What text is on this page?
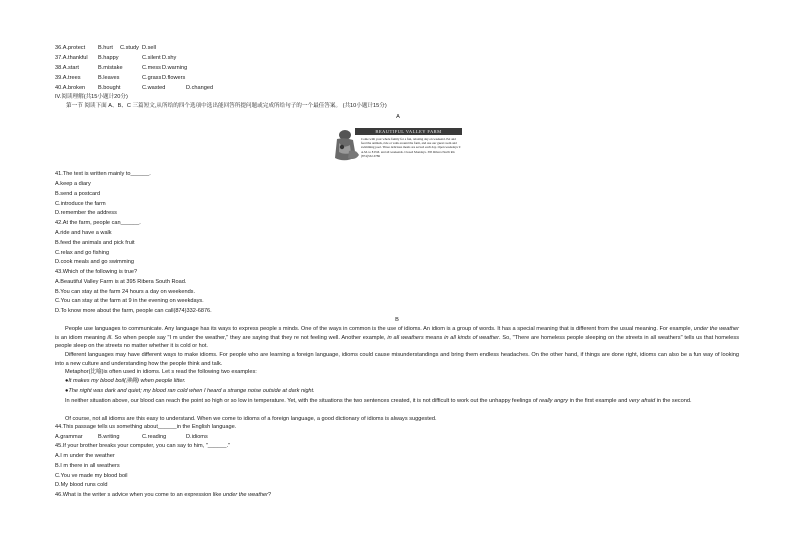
36.A.protect B.hurt C.study D.sell
37.A.thankful B.happy	C.silent D.shy
38.A.start	B.mistake	C.mess D.warning
39.A.trees	B.leaves	C.grass D.flowers
40.A.broken B.bought	C.wasted	D.changed
IV.阅读理解(共15小题计20分)
第一节 阅读下面 A、B、C 三篇短文,从所给的四个选项中选出能回答所提问题或完成所给句子的一个最佳答案。 (共10小题计15分)
A
BEAUTIFUL VALLEY FARM
Come with your whole family for a fun, relaxing day on weekend. Pet and feed the animals, ride or walk around the farm, and use our guest room and swimming pool. Three delicious meals are served each day. Open weekdays 9 A.M. to 8 P.M. and all weekends. Closed Mondays. 395 Ribera North Rd. (874)332-6786
41.The text is written mainly to______.
A.keep a diary
B.send a postcard
C.introduce the farm
D.remember the address
42.At the farm, people can______.
A.ride and have a walk
B.feed the animals and pick fruit
C.relax and go fishing
D.cook meals and go swimming
43.Which of the following is true?
A.Beautiful Valley Farm is at 395 Ribera South Road.
B.You can stay at the farm 24 hours a day on weekends.
C.You can stay at the farm at 9 in the evening on weekdays.
D.To know more about the farm, people can call(874)332-6876.
B
People use languages to communicate. Any language has its ways to express people s minds. One of the ways in common is the use of idioms. An idiom is a group of words. It has a special meaning that is different from the usual meaning. For example, under the weather is an idiom meaning ill. So when people say "I m under the weather," they are saying that they re not feeling well. Another example, in all weathers means in all kinds of weather. So, "There are homeless people sleeping on the streets in all weathers" tells us that homeless people sleep on the streets no matter whether it is cold or hot.
Different languages may have different ways to make idioms. For people who are learning a foreign language, idioms could cause misunderstandings and bring them endless headaches. On the other hand, if things are done right, idioms can also be a fun way of looking into a new culture and understanding how the people think and talk.
Metaphor(比喻)is often used in idioms. Let s read the following two examples:
●It makes my blood boil(沸腾) when people litter.
●The night was dark and quiet; my blood ran cold when I heard a strange noise outside at dark night.
In neither situation above, our blood can reach the point so high or so low in temperature. Yet, with the situations the two sentences created, it is not difficult to work out the unhappy feelings of really angry in the first example and very afraid in the second.
Of course, not all idioms are this easy to understand. When we come to idioms of a foreign language, a good dictionary of idioms is always suggested.
44.This passage tells us something about______in the English language.
A.grammar	B.writing	C.reading	D.idioms
45.If your brother breaks your computer, you can say to him, "______."
A.I m under the weather
B.I m there in all weathers
C.You ve made my blood boil
D.My blood runs cold
46.What is the writer s advice when you come to an expression like under the weather?
